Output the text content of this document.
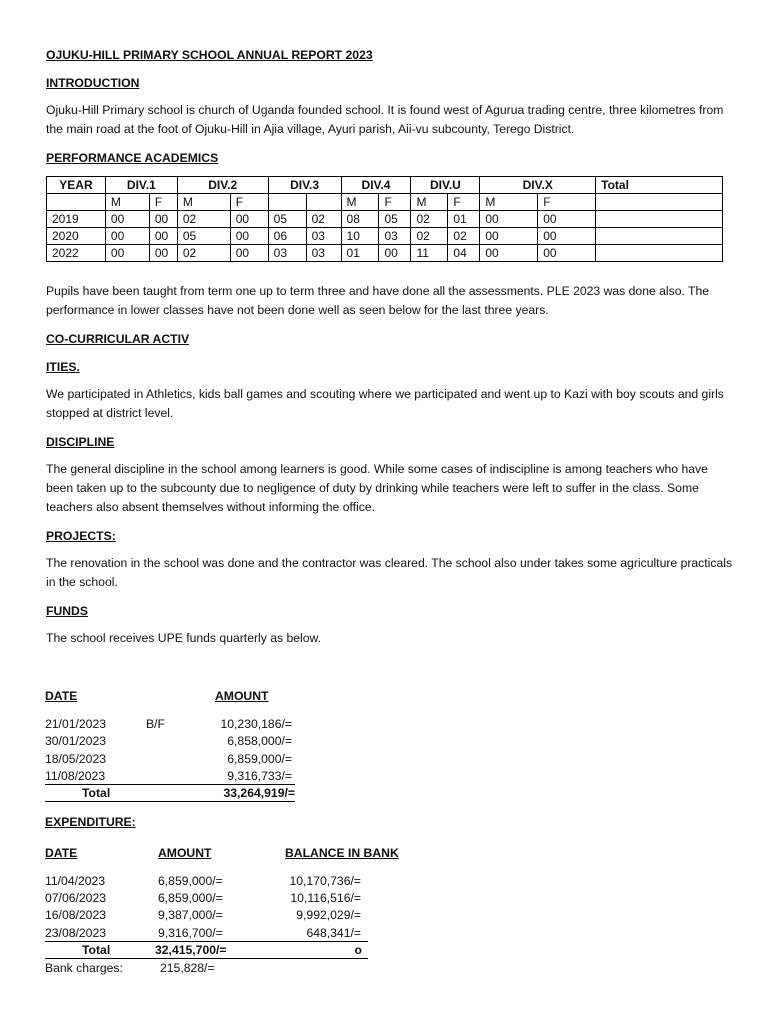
OJUKU-HILL PRIMARY SCHOOL ANNUAL REPORT 2023

INTRODUCTION

Ojuku-Hill Primary school is church of Uganda founded school. It is found west of Agurua trading centre, three kilometres from the main road at the foot of Ojuku-Hill in Ajia village, Ayuri parish, Aii-vu subcounty, Terego District.

PERFORMANCE ACADEMICS

YEAR	DIV.1		DIV.2		DIV.3		DIV.4		DIV.U		DIV.X		Total
	M	F	M	F			M	F	M	F	M	F	
2019	00	00	02	00	05	02	08	05	02	01	00	00	
2020	00	00	05	00	06	03	10	03	02	02	00	00	
2022	00	00	02	00	03	03	01	00	11	04	00	00	

Pupils have been taught from term one up to term three and have done all the assessments. PLE 2023 was done also. The performance in lower classes have not been done well as seen below for the last three years.

CO-CURRICULAR ACTIV

ITIES.

We participated in Athletics, kids ball games and scouting where we participated and went up to Kazi with boy scouts and girls stopped at district level.

DISCIPLINE

The general discipline in the school among learners is good. While some cases of indiscipline is among teachers who have been taken up to the subcounty due to negligence of duty by drinking while teachers were left to suffer in the class. Some teachers also absent themselves without informing the office.

PROJECTS:

The renovation in the school was done and the contractor was cleared. The school also under takes some agriculture practicals in the school.

FUNDS

The school receives UPE funds quarterly as below.

DATE	AMOUNT
21/01/2023	B/F	10,230,186/=
30/01/2023	6,858,000/=
18/05/2023	6,859,000/=
11/08/2023	9,316,733/=
Total	33,264,919/=
EXPENDITURE:
DATE	AMOUNT	BALANCE IN BANK
11/04/2023	6,859,000/=	10,170,736/=
07/06/2023	6,859,000/=	10,116,516/=
16/08/2023	9,387,000/=	9,992,029/=
23/08/2023	9,316,700/=	648,341/=
Total	32,415,700/=	o
Bank charges:	215,828/=
